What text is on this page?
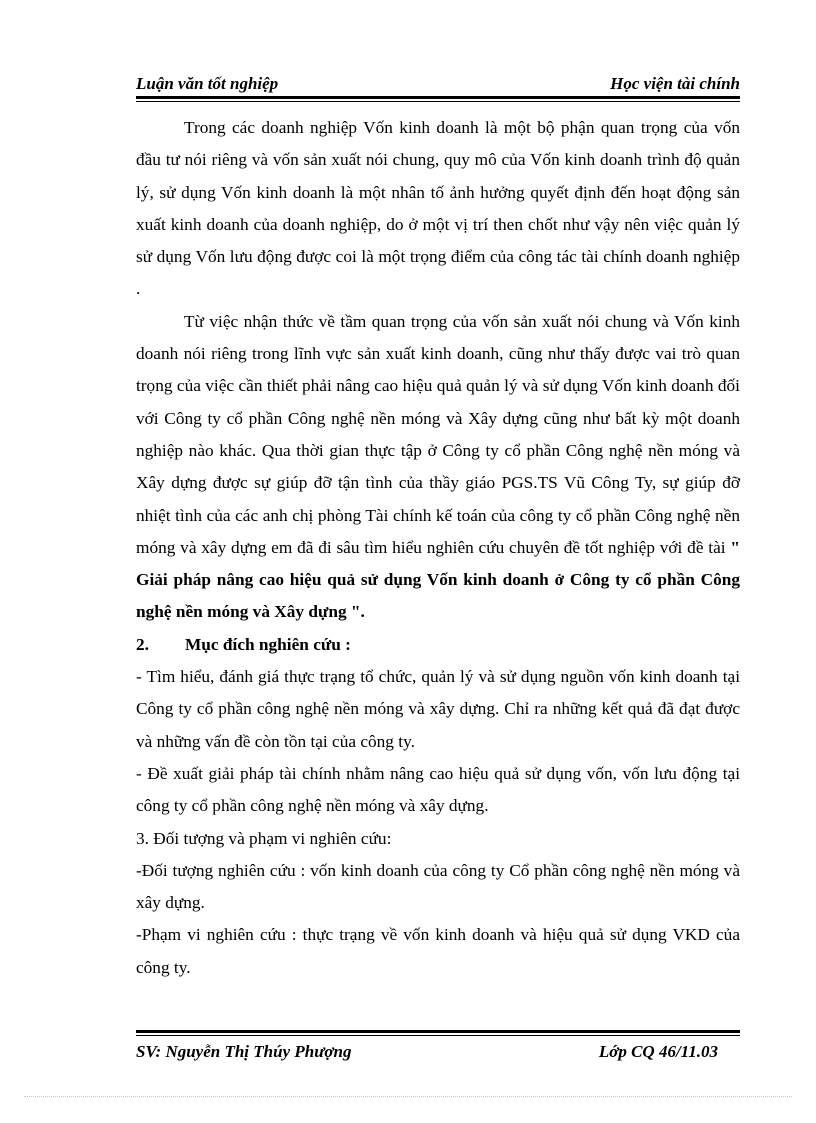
Luận văn tốt nghiệp	Học viện tài chính

Trong các doanh nghiệp Vốn kinh doanh là một bộ phận quan trọng của vốn đầu tư nói riêng và vốn sản xuất nói chung, quy mô của Vốn kinh doanh trình độ quản lý, sử dụng Vốn kinh doanh là một nhân tố ảnh hưởng quyết định đến hoạt động sản xuất kinh doanh của doanh nghiệp, do ở một vị trí then chốt như vậy nên việc quản lý sử dụng Vốn lưu động được coi là một trọng điểm của công tác tài chính doanh nghiệp .

Từ việc nhận thức về tầm quan trọng của vốn sản xuất nói chung và Vốn kinh doanh nói riêng trong lĩnh vực sản xuất kinh doanh, cũng như thấy được vai trò quan trọng của việc cần thiết phải nâng cao hiệu quả quản lý và sử dụng Vốn kinh doanh đối với Công ty cổ phần Công nghệ nền móng và Xây dựng cũng như bất kỳ một doanh nghiệp nào khác. Qua thời gian thực tập ở Công ty cổ phần Công nghệ nền móng và Xây dựng được sự giúp đỡ tận tình của thầy giáo PGS.TS Vũ Công Ty, sự giúp đỡ nhiệt tình của các anh chị phòng Tài chính kế toán của công ty cổ phần Công nghệ nền móng và xây dựng em đã đi sâu tìm hiểu nghiên cứu chuyên đề tốt nghiệp với đề tài " Giải pháp nâng cao hiệu quả sử dụng Vốn kinh doanh ở Công ty cổ phần Công nghệ nền móng và Xây dựng ".

2. Mục đích nghiên cứu :

- Tìm hiểu, đánh giá thực trạng tổ chức, quản lý và sử dụng nguồn vốn kinh doanh tại Công ty cổ phần công nghệ nền móng và xây dựng. Chỉ ra những kết quả đã đạt được và những vấn đề còn tồn tại của công ty.

- Đề xuất giải pháp tài chính nhằm nâng cao hiệu quả sử dụng vốn, vốn lưu động tại công ty cổ phần công nghệ nền móng và xây dựng.

3. Đối tượng và phạm vi nghiên cứu:

-Đối tượng nghiên cứu : vốn kinh doanh của công ty Cổ phần công nghệ nền móng và xây dựng.

-Phạm vi nghiên cứu : thực trạng về vốn kinh doanh và hiệu quả sử dụng VKD của công ty.

SV: Nguyễn Thị Thúy Phượng	Lớp CQ 46/11.03
